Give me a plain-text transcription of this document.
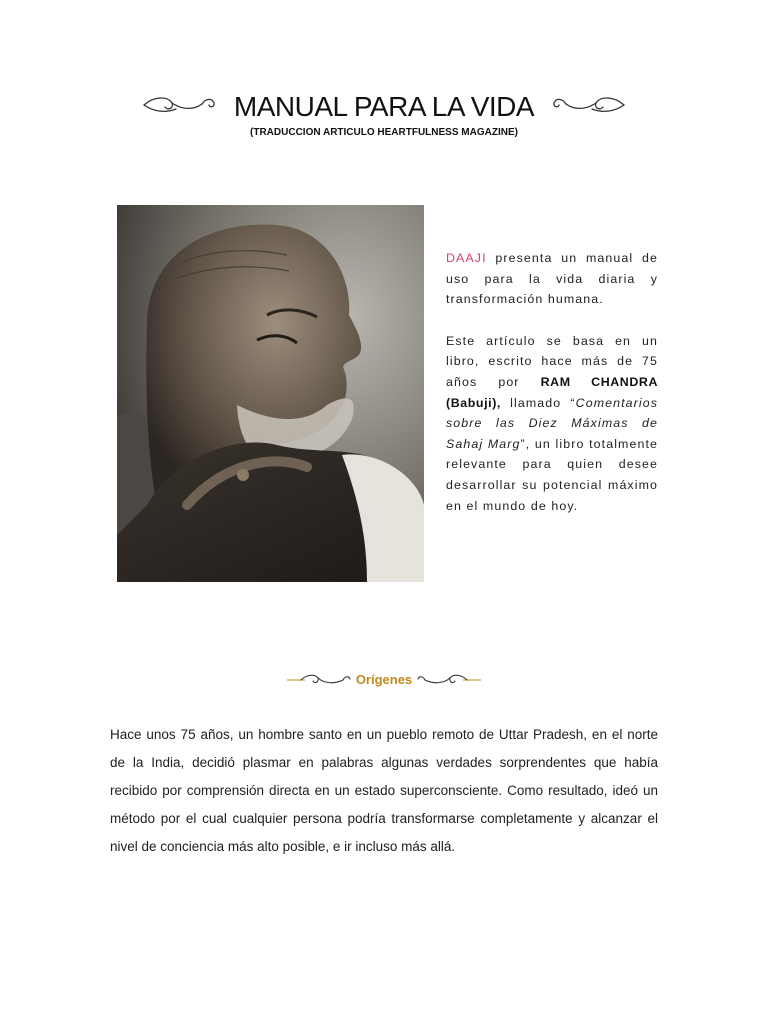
MANUAL PARA LA VIDA
(TRADUCCION ARTICULO HEARTFULNESS MAGAZINE)

DAAJI presenta un manual de uso para la vida diaria y transformación humana.

Este artículo se basa en un libro, escrito hace más de 75 años por RAM CHANDRA (Babuji), llamado “Comentarios sobre las Diez Máximas de Sahaj Marg”, un libro totalmente relevante para quien desee desarrollar su potencial máximo en el mundo de hoy.

Orígenes
Hace unos 75 años, un hombre santo en un pueblo remoto de Uttar Pradesh, en el norte de la India, decidió plasmar en palabras algunas verdades sorprendentes que había recibido por comprensión directa en un estado superconsciente. Como resultado, ideó un método por el cual cualquier persona podría transformarse completamente y alcanzar el nivel de conciencia más alto posible, e ir incluso más allá.
